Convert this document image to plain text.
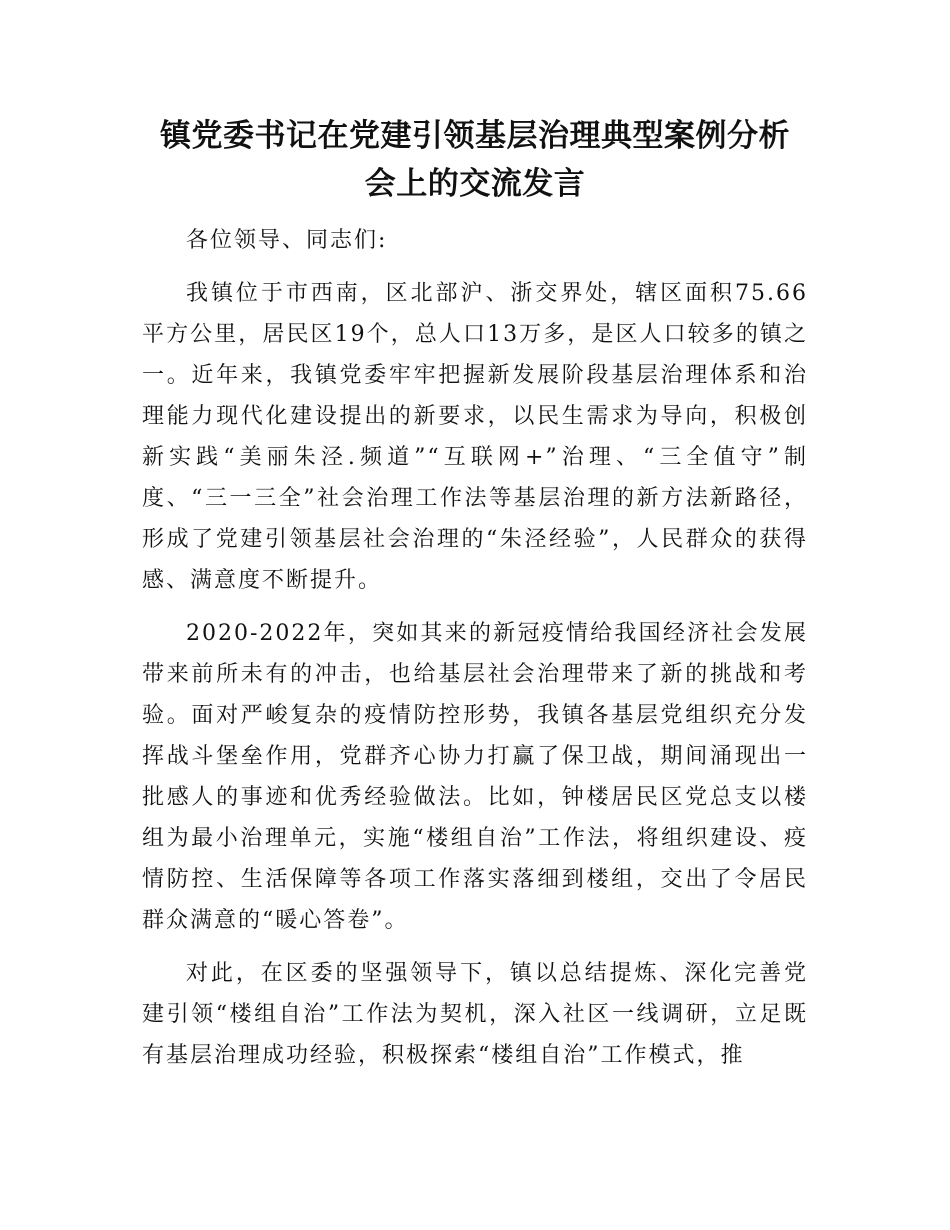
镇党委书记在党建引领基层治理典型案例分析
会上的交流发言

各位领导、同志们:

我镇位于市西南，区北部沪、浙交界处，辖区面积75.66平方公里，居民区19个，总人口13万多，是区人口较多的镇之一。近年来，我镇党委牢牢把握新发展阶段基层治理体系和治理能力现代化建设提出的新要求，以民生需求为导向，积极创新实践“美丽朱泾.频道”“互联网+”治理、“三全值守”制度、“三一三全”社会治理工作法等基层治理的新方法新路径，形成了党建引领基层社会治理的“朱泾经验”，人民群众的获得感、满意度不断提升。

2020-2022年，突如其来的新冠疫情给我国经济社会发展带来前所未有的冲击，也给基层社会治理带来了新的挑战和考验。面对严峻复杂的疫情防控形势，我镇各基层党组织充分发挥战斗堡垒作用，党群齐心协力打赢了保卫战，期间涌现出一批感人的事迹和优秀经验做法。比如，钟楼居民区党总支以楼组为最小治理单元，实施“楼组自治”工作法，将组织建设、疫情防控、生活保障等各项工作落实落细到楼组，交出了令居民群众满意的“暖心答卷”。

对此，在区委的坚强领导下，镇以总结提炼、深化完善党建引领“楼组自治”工作法为契机，深入社区一线调研，立足既有基层治理成功经验，积极探索“楼组自治”工作模式，推
